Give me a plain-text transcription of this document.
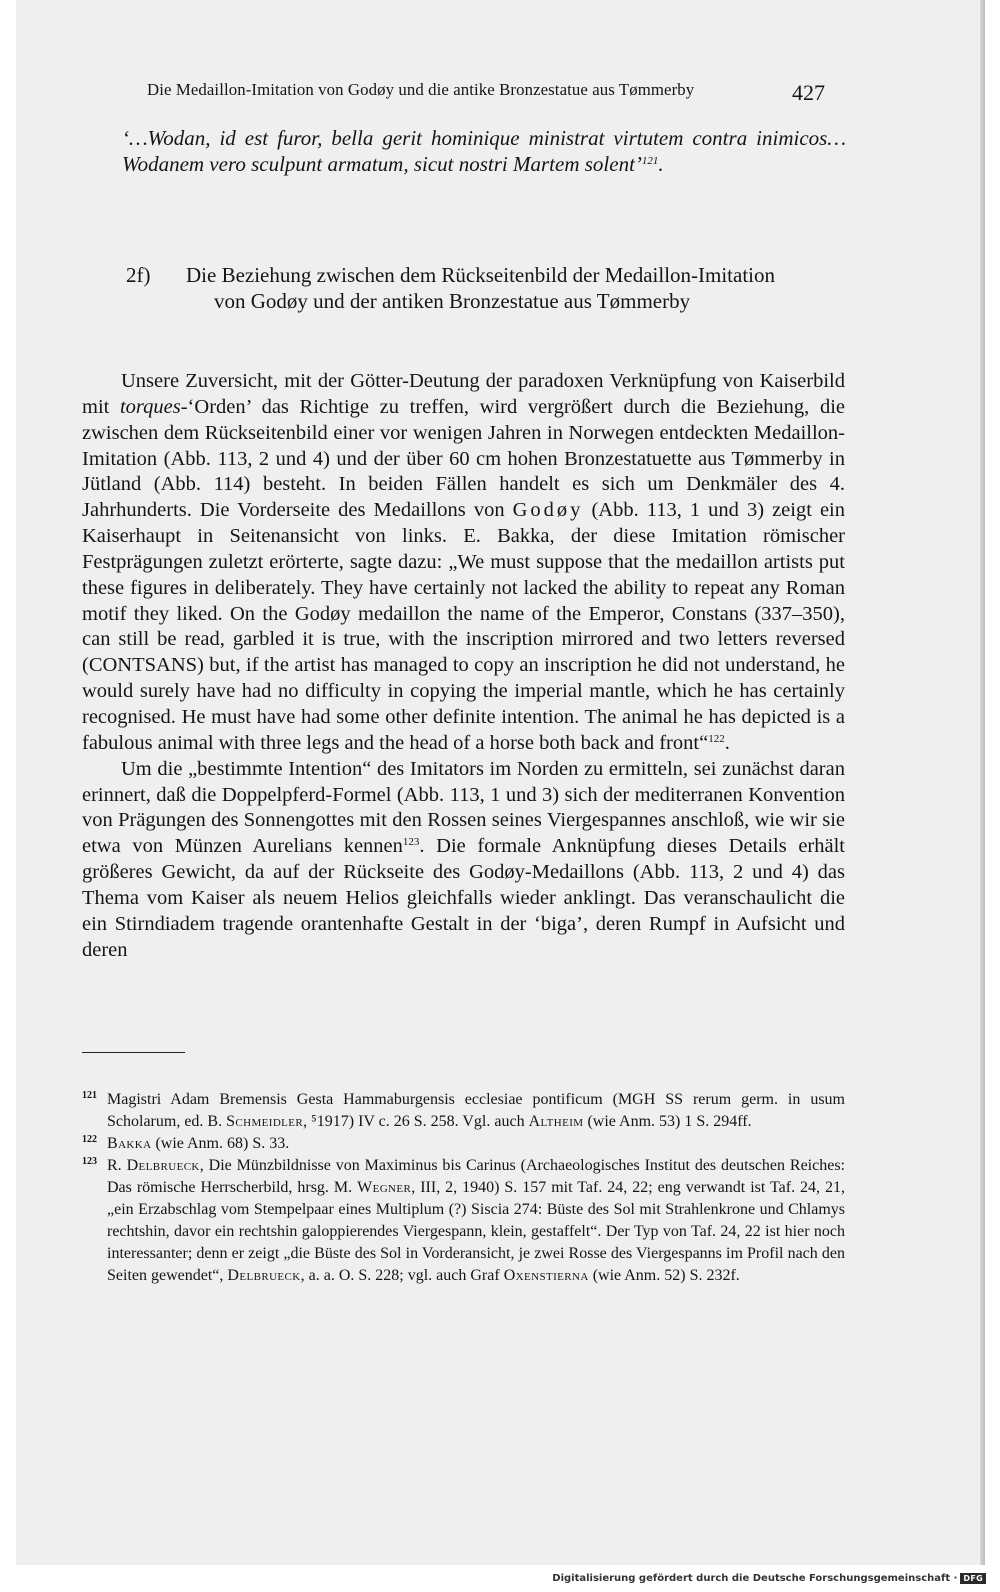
Die Medaillon-Imitation von Godøy und die antike Bronzestatue aus Tømmerby	427
‘…Wodan, id est furor, bella gerit hominique ministrat virtutem contra inimicos… Wodanem vero sculpunt armatum, sicut nostri Martem solent’$^{121}$.
2f) Die Beziehung zwischen dem Rückseitenbild der Medaillon-Imitation
von Godøy und der antiken Bronzestatue aus Tømmerby

Unsere Zuversicht, mit der Götter-Deutung der paradoxen Verknüpfung von Kaiserbild mit torques-‘Orden’ das Richtige zu treffen, wird vergrößert durch die Beziehung, die zwischen dem Rückseitenbild einer vor wenigen Jahren in Norwegen entdeckten Medaillon-Imitation (Abb. 113, 2 und 4) und der über 60 cm hohen Bronzestatuette aus Tømmerby in Jütland (Abb. 114) besteht. In beiden Fällen handelt es sich um Denkmäler des 4. Jahrhunderts. Die Vorderseite des Medaillons von Godøy (Abb. 113, 1 und 3) zeigt ein Kaiserhaupt in Seitenansicht von links. E. Bakka, der diese Imitation römischer Festprägungen zuletzt erörterte, sagte dazu: „We must suppose that the medaillon artists put these figures in deliberately. They have certainly not lacked the ability to repeat any Roman motif they liked. On the Godøy medaillon the name of the Emperor, Constans (337–350), can still be read, garbled it is true, with the inscription mirrored and two letters reversed (CONTSANS) but, if the artist has managed to copy an inscription he did not understand, he would surely have had no difficulty in copying the imperial mantle, which he has certainly recognised. He must have had some other definite intention. The animal he has depicted is a fabulous animal with three legs and the head of a horse both back and front“$^{122}$.

Um die „bestimmte Intention“ des Imitators im Norden zu ermitteln, sei zunächst daran erinnert, daß die Doppelpferd-Formel (Abb. 113, 1 und 3) sich der mediterranen Konvention von Prägungen des Sonnengottes mit den Rossen seines Viergespannes anschloß, wie wir sie etwa von Münzen Aurelians kennen$^{123}$. Die formale Anknüpfung dieses Details erhält größeres Gewicht, da auf der Rückseite des Godøy-Medaillons (Abb. 113, 2 und 4) das Thema vom Kaiser als neuem Helios gleichfalls wieder anklingt. Das veranschaulicht die ein Stirndiadem tragende orantenhafte Gestalt in der ‘biga’, deren Rumpf in Aufsicht und deren

121 Magistri Adam Bremensis Gesta Hammaburgensis ecclesiae pontificum (MGH SS rerum germ. in usum Scholarum, ed. B. Schmeidler, ⁵1917) IV c. 26 S. 258. Vgl. auch Altheim (wie Anm. 53) 1 S. 294ff.

122 Bakka (wie Anm. 68) S. 33.

123 R. Delbrueck, Die Münzbildnisse von Maximinus bis Carinus (Archaeologisches Institut des deutschen Reiches: Das römische Herrscherbild, hrsg. M. Wegner, III, 2, 1940) S. 157 mit Taf. 24, 22; eng verwandt ist Taf. 24, 21, „ein Erzabschlag vom Stempelpaar eines Multiplum (?) Siscia 274: Büste des Sol mit Strahlenkrone und Chlamys rechtshin, davor ein rechtshin galoppierendes Viergespann, klein, gestaffelt“. Der Typ von Taf. 24, 22 ist hier noch interessanter; denn er zeigt „die Büste des Sol in Vorderansicht, je zwei Rosse des Viergespanns im Profil nach den Seiten gewendet“, Delbrueck, a. a. O. S. 228; vgl. auch Graf Oxenstierna (wie Anm. 52) S. 232f.

Digitalisierung gefördert durch die Deutsche Forschungsgemeinschaft · DFG
